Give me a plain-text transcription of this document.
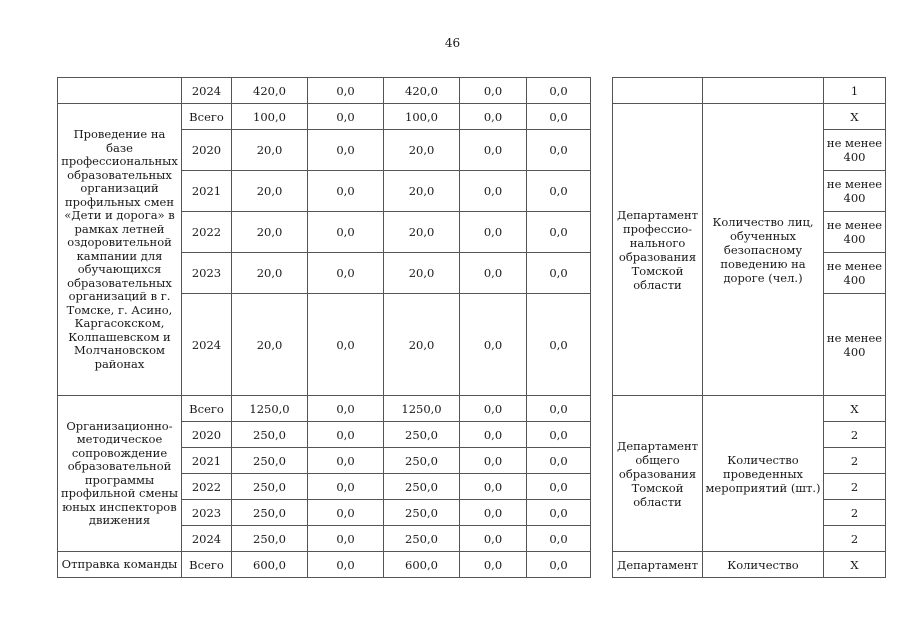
46
	2024	420,0	0,0	420,0	0,0	0,0				1
Проведение на базе профессиональных образовательных организаций профильных смен «Дети и дорога» в рамках летней оздоровительной кампании для обучающихся образовательных организаций в г. Томске, г. Асино, Каргасокском, Колпашевском и Молчановском районах	Всего	100,0	0,0	100,0	0,0	0,0		Департамент профессио-нального образования Томской области	Количество лиц, обученных безопасному поведению на дороге (чел.)	X
	2020	20,0	0,0	20,0	0,0	0,0				не менее 400
	2021	20,0	0,0	20,0	0,0	0,0				не менее 400
	2022	20,0	0,0	20,0	0,0	0,0				не менее 400
	2023	20,0	0,0	20,0	0,0	0,0				не менее 400
	2024	20,0	0,0	20,0	0,0	0,0				не менее 400
Организационно-методическое сопровождение образовательной программы профильной смены юных инспекторов движения	Всего	1250,0	0,0	1250,0	0,0	0,0		Департамент общего образования Томской области	Количество проведенных мероприятий (шт.)	X
	2020	250,0	0,0	250,0	0,0	0,0				2
	2021	250,0	0,0	250,0	0,0	0,0				2
	2022	250,0	0,0	250,0	0,0	0,0				2
	2023	250,0	0,0	250,0	0,0	0,0				2
	2024	250,0	0,0	250,0	0,0	0,0				2
Отправка команды	Всего	600,0	0,0	600,0	0,0	0,0		Департамент	Количество	X
